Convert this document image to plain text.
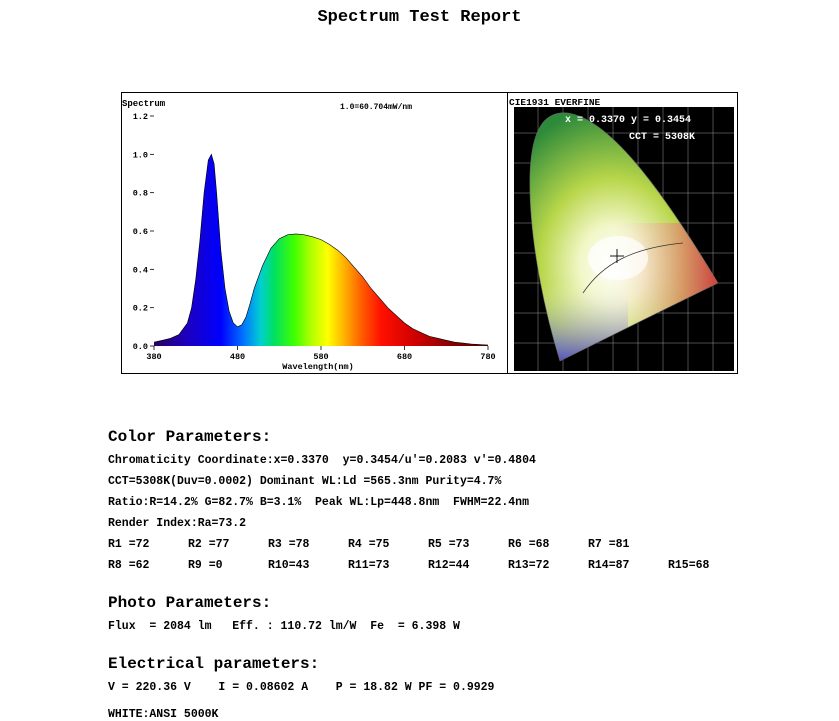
Spectrum Test Report
Spectrum	1.0=60.704mW/nm
0.0
0.2
0.4
0.6
0.8
1.0
1.2
380	480	580	680	780
Wavelength(nm)
CIE1931 EVERFINE
x = 0.3370 y = 0.3454
CCT = 5308K
Color Parameters:
Chromaticity Coordinate:x=0.3370  y=0.3454/u'=0.2083 v'=0.4804
CCT=5308K(Duv=0.0002) Dominant WL:Ld =565.3nm Purity=4.7%
Ratio:R=14.2% G=82.7% B=3.1%  Peak WL:Lp=448.8nm  FWHM=22.4nm
Render Index:Ra=73.2
R1 =72	R2 =77	R3 =78	R4 =75	R5 =73	R6 =68	R7 =81
R8 =62	R9 =0	R10=43	R11=73	R12=44	R13=72	R14=87	R15=68
Photo Parameters:
Flux  = 2084 lm   Eff. : 110.72 lm/W  Fe  = 6.398 W
Electrical parameters:
V = 220.36 V    I = 0.08602 A    P = 18.82 W PF = 0.9929
WHITE:ANSI 5000K
